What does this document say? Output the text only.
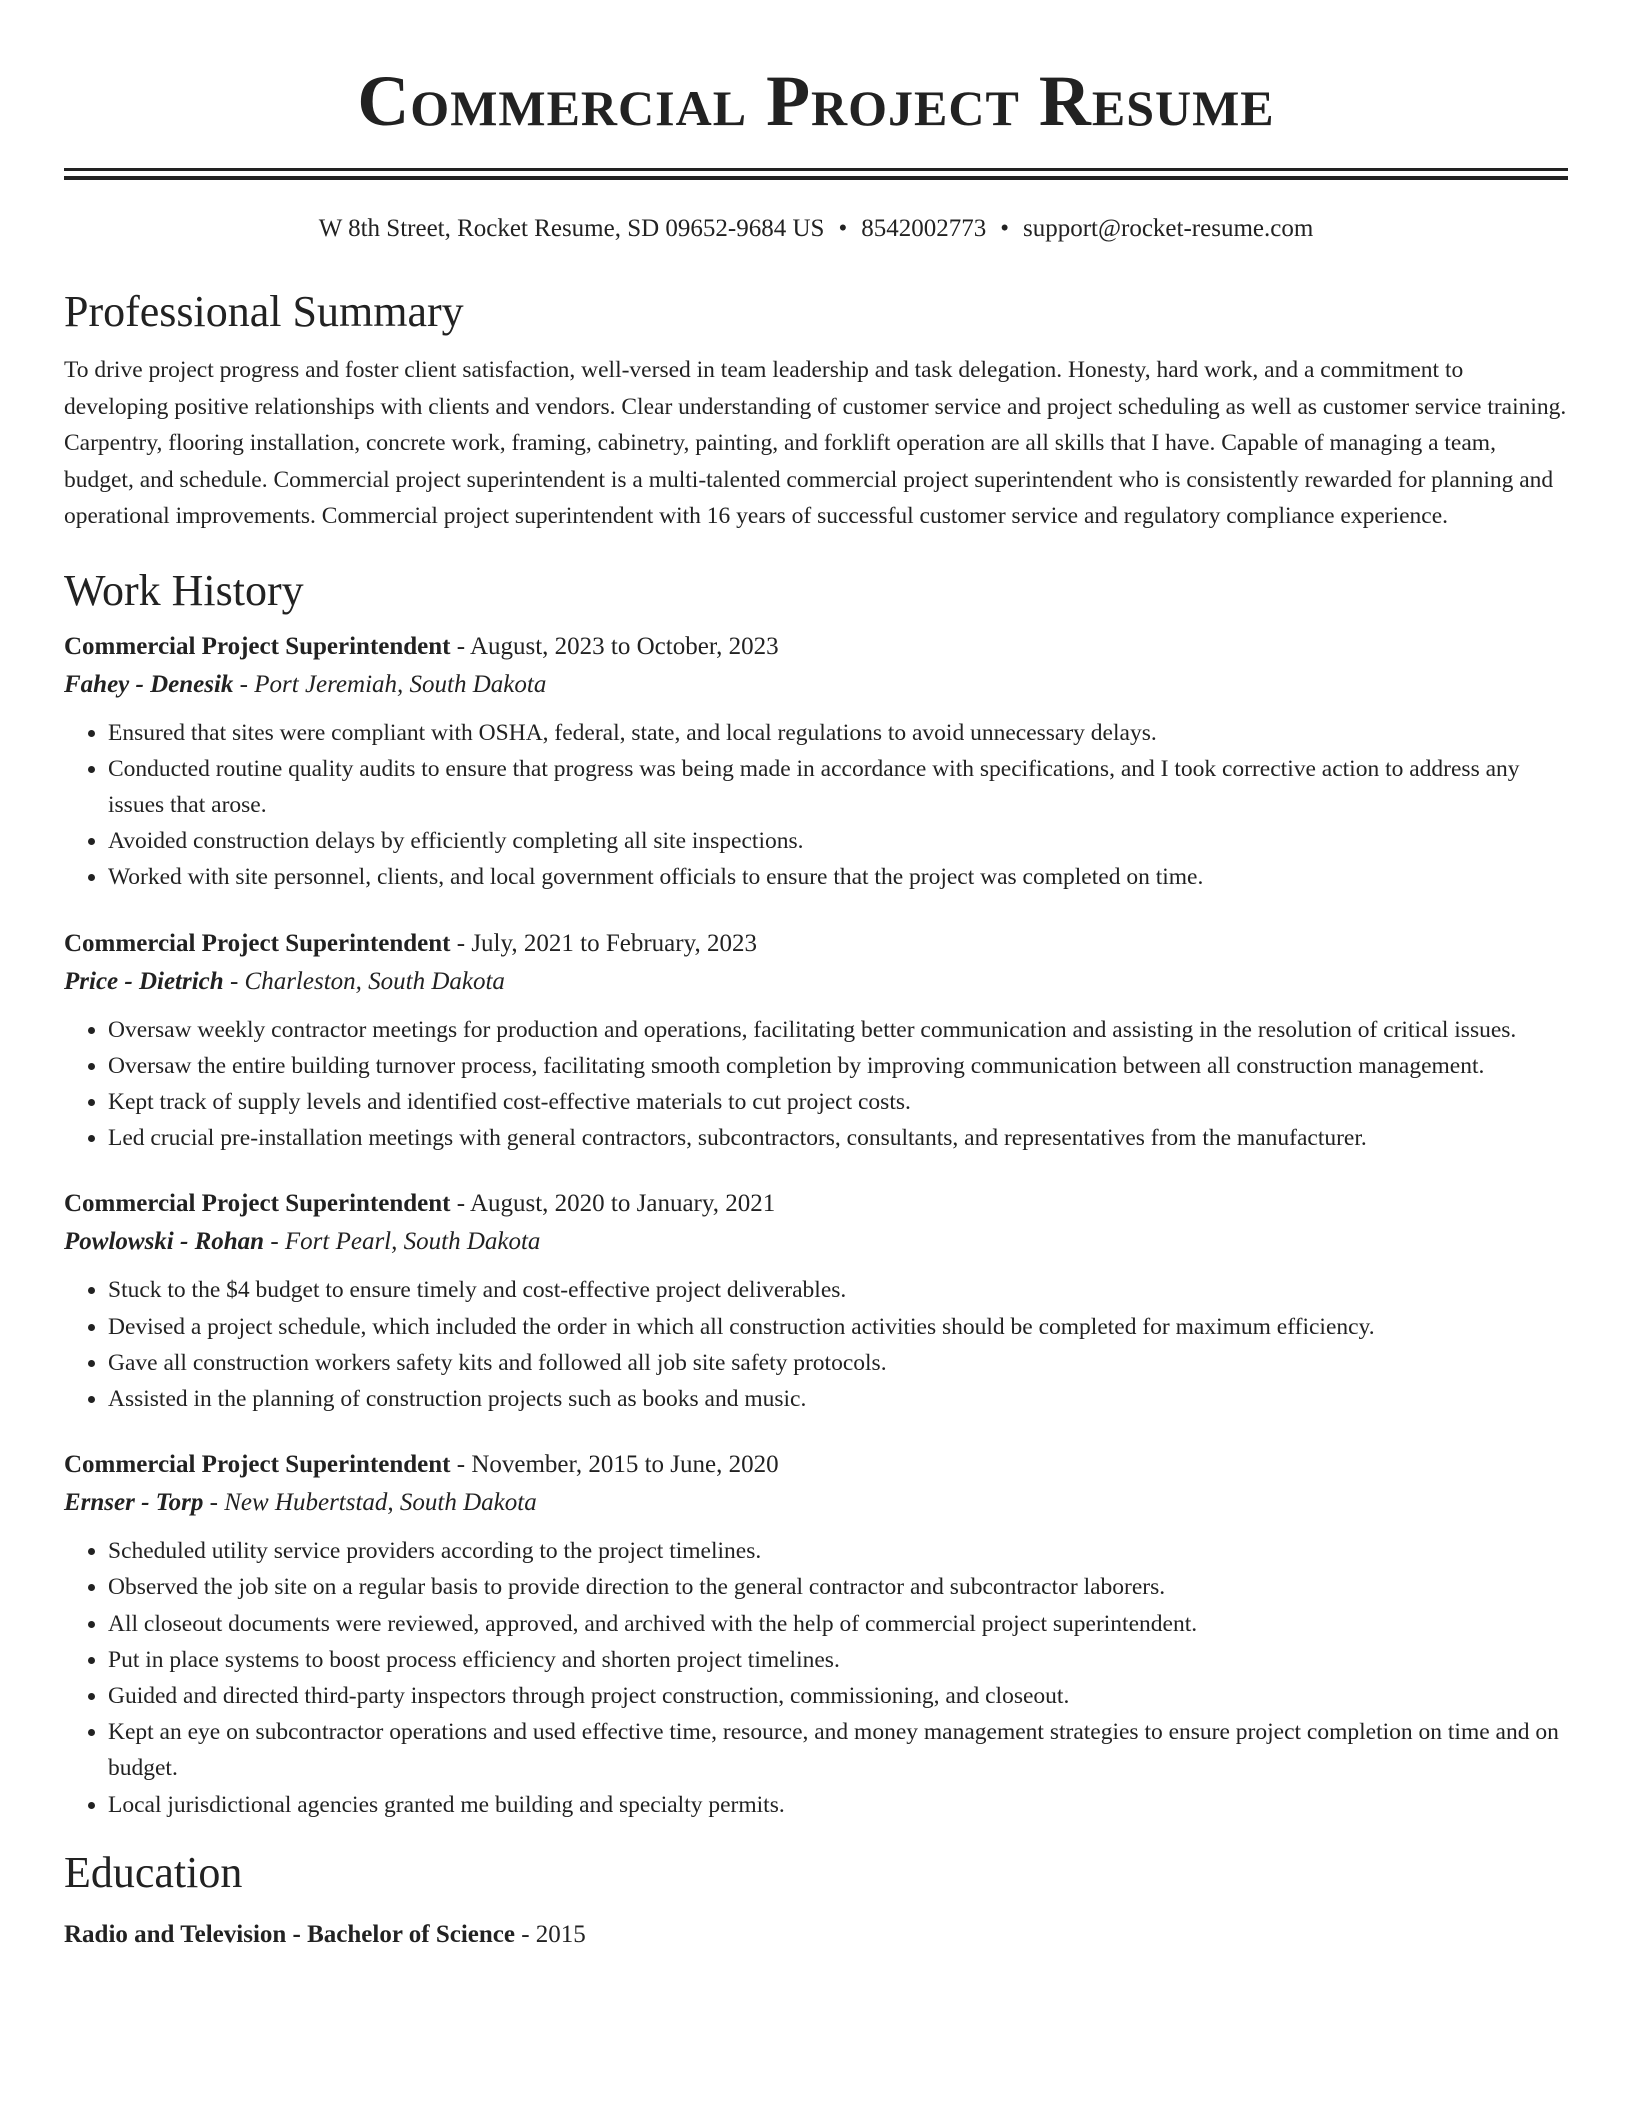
Commercial Project Resume
W 8th Street, Rocket Resume, SD 09652-9684 US • 8542002773 • support@rocket-resume.com
Professional Summary

To drive project progress and foster client satisfaction, well-versed in team leadership and task delegation. Honesty, hard work, and a commitment to developing positive relationships with clients and vendors. Clear understanding of customer service and project scheduling as well as customer service training. Carpentry, flooring installation, concrete work, framing, cabinetry, painting, and forklift operation are all skills that I have. Capable of managing a team, budget, and schedule. Commercial project superintendent is a multi-talented commercial project superintendent who is consistently rewarded for planning and operational improvements. Commercial project superintendent with 16 years of successful customer service and regulatory compliance experience.

Work History
Commercial Project Superintendent - August, 2023 to October, 2023
Fahey - Denesik - Port Jeremiah, South Dakota
• Ensured that sites were compliant with OSHA, federal, state, and local regulations to avoid unnecessary delays.
• Conducted routine quality audits to ensure that progress was being made in accordance with specifications, and I took corrective action to address any issues that arose.
• Avoided construction delays by efficiently completing all site inspections.
• Worked with site personnel, clients, and local government officials to ensure that the project was completed on time.
Commercial Project Superintendent - July, 2021 to February, 2023
Price - Dietrich - Charleston, South Dakota
• Oversaw weekly contractor meetings for production and operations, facilitating better communication and assisting in the resolution of critical issues.
• Oversaw the entire building turnover process, facilitating smooth completion by improving communication between all construction management.
• Kept track of supply levels and identified cost-effective materials to cut project costs.
• Led crucial pre-installation meetings with general contractors, subcontractors, consultants, and representatives from the manufacturer.
Commercial Project Superintendent - August, 2020 to January, 2021
Powlowski - Rohan - Fort Pearl, South Dakota
• Stuck to the $4 budget to ensure timely and cost-effective project deliverables.
• Devised a project schedule, which included the order in which all construction activities should be completed for maximum efficiency.
• Gave all construction workers safety kits and followed all job site safety protocols.
• Assisted in the planning of construction projects such as books and music.
Commercial Project Superintendent - November, 2015 to June, 2020
Ernser - Torp - New Hubertstad, South Dakota
• Scheduled utility service providers according to the project timelines.
• Observed the job site on a regular basis to provide direction to the general contractor and subcontractor laborers.
• All closeout documents were reviewed, approved, and archived with the help of commercial project superintendent.
• Put in place systems to boost process efficiency and shorten project timelines.
• Guided and directed third-party inspectors through project construction, commissioning, and closeout.
• Kept an eye on subcontractor operations and used effective time, resource, and money management strategies to ensure project completion on time and on budget.
• Local jurisdictional agencies granted me building and specialty permits.
Education
Radio and Television - Bachelor of Science - 2015
